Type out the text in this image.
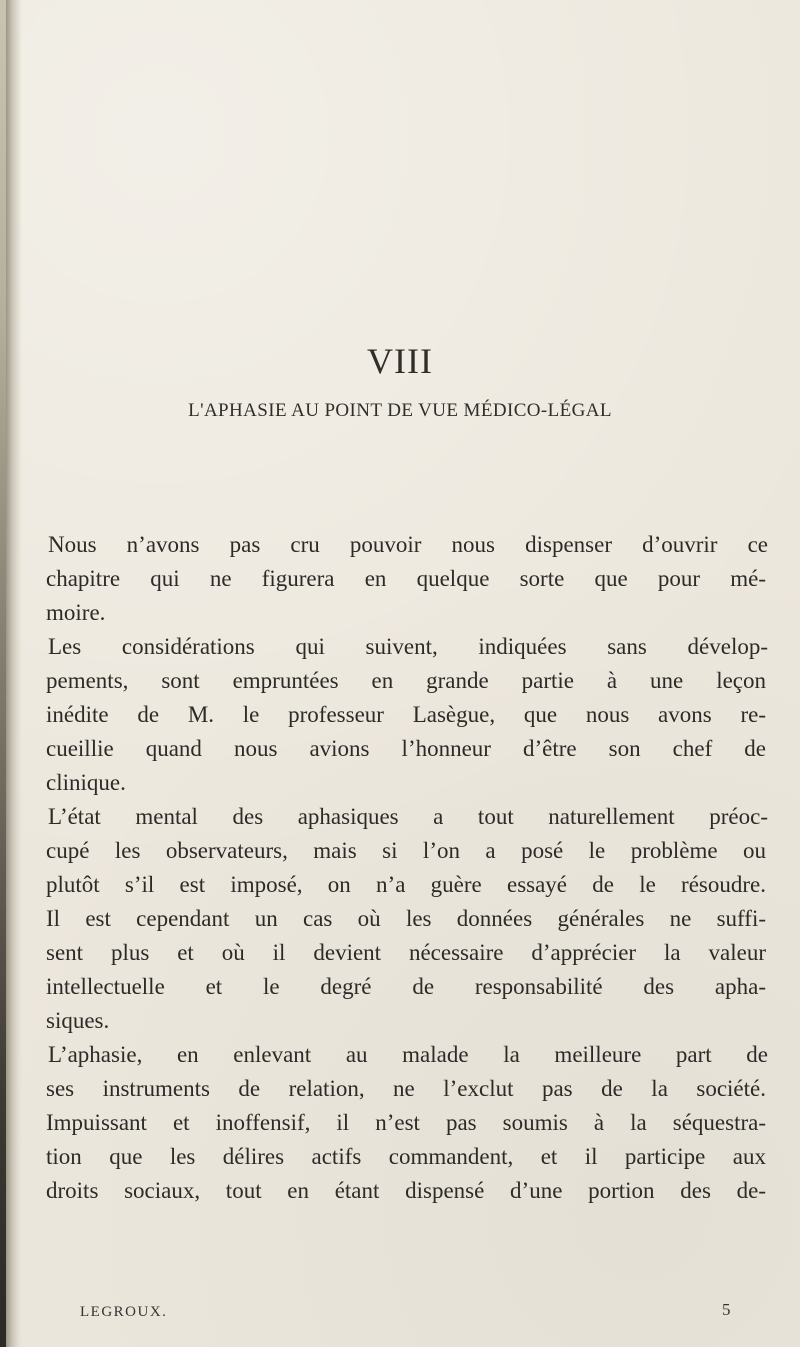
VIII
L'APHASIE AU POINT DE VUE MÉDICO-LÉGAL
Nous n’avons pas cru pouvoir nous dispenser d’ouvrir ce
chapitre qui ne figurera en quelque sorte que pour mé-
moire.
Les considérations qui suivent, indiquées sans dévelop-
pements, sont empruntées en grande partie à une leçon
inédite de M. le professeur Lasègue, que nous avons re-
cueillie quand nous avions l’honneur d’être son chef de
clinique.
L’état mental des aphasiques a tout naturellement préoc-
cupé les observateurs, mais si l’on a posé le problème ou
plutôt s’il est imposé, on n’a guère essayé de le résoudre.
Il est cependant un cas où les données générales ne suffi-
sent plus et où il devient nécessaire d’apprécier la valeur
intellectuelle et le degré de responsabilité des apha-
siques.
L’aphasie, en enlevant au malade la meilleure part de
ses instruments de relation, ne l’exclut pas de la société.
Impuissant et inoffensif, il n’est pas soumis à la séquestra-
tion que les délires actifs commandent, et il participe aux
droits sociaux, tout en étant dispensé d’une portion des de-
LEGROUX.	5
